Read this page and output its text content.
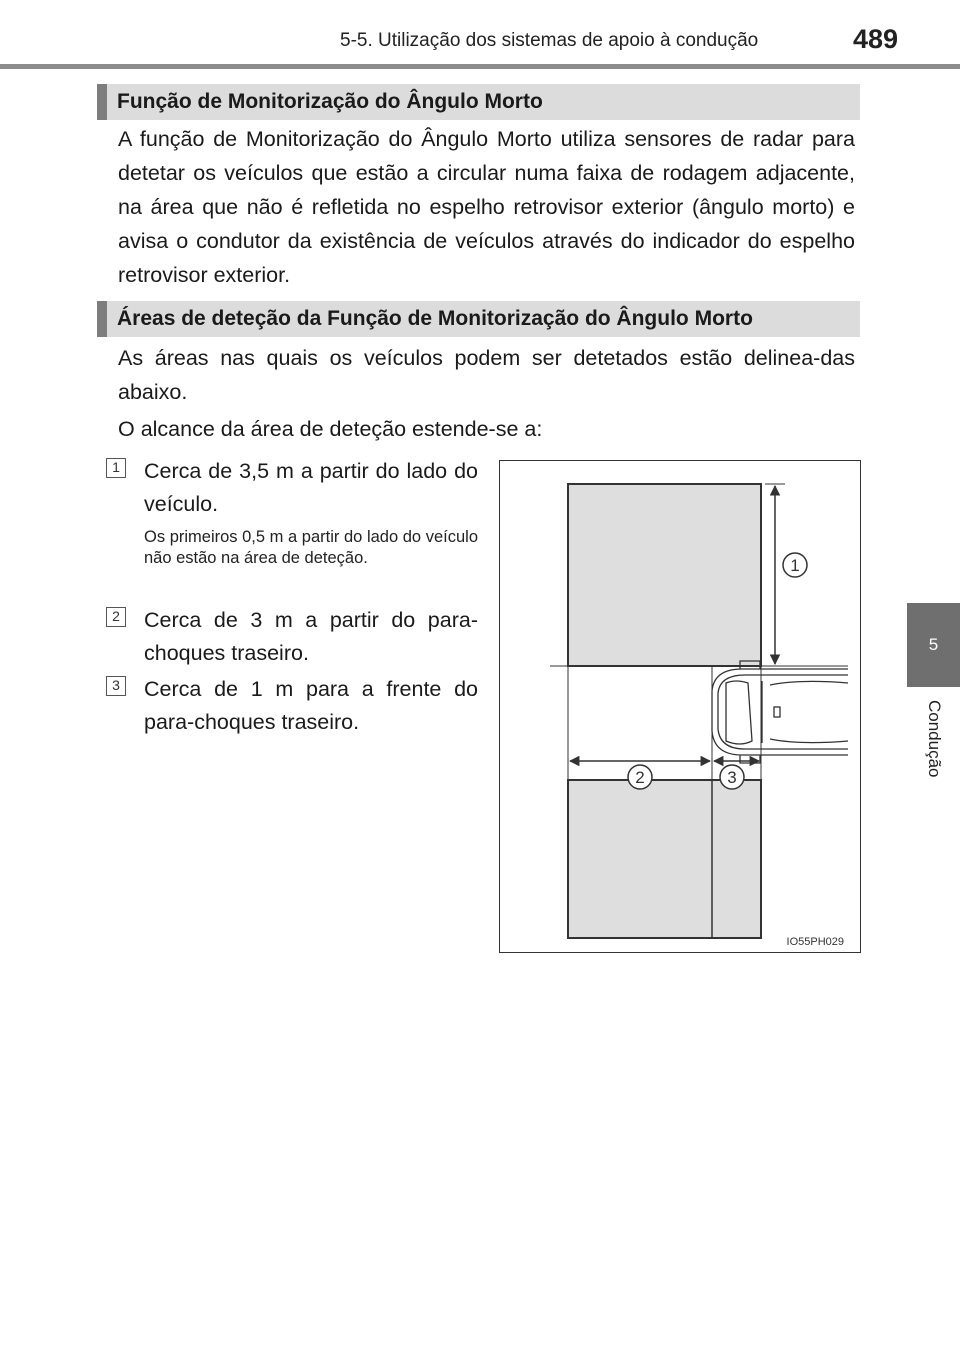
5-5. Utilização dos sistemas de apoio à condução	489
5
Condução
Função de Monitorização do Ângulo Morto

A função de Monitorização do Ângulo Morto utiliza sensores de radar para detetar os veículos que estão a circular numa faixa de rodagem adjacente, na área que não é refletida no espelho retrovisor exterior (ângulo morto) e avisa o condutor da existência de veículos através do indicador do espelho retrovisor exterior.

Áreas de deteção da Função de Monitorização do Ângulo Morto

As áreas nas quais os veículos podem ser detetados estão delinea-das abaixo.

O alcance da área de deteção estende-se a:

1 Cerca de 3,5 m a partir do lado do veículo.

Os primeiros 0,5 m a partir do lado do veículo não estão na área de deteção.

2 Cerca de 3 m a partir do para-choques traseiro.

3 Cerca de 1 m para a frente do para-choques traseiro.

1
2	3
IO55PH029
